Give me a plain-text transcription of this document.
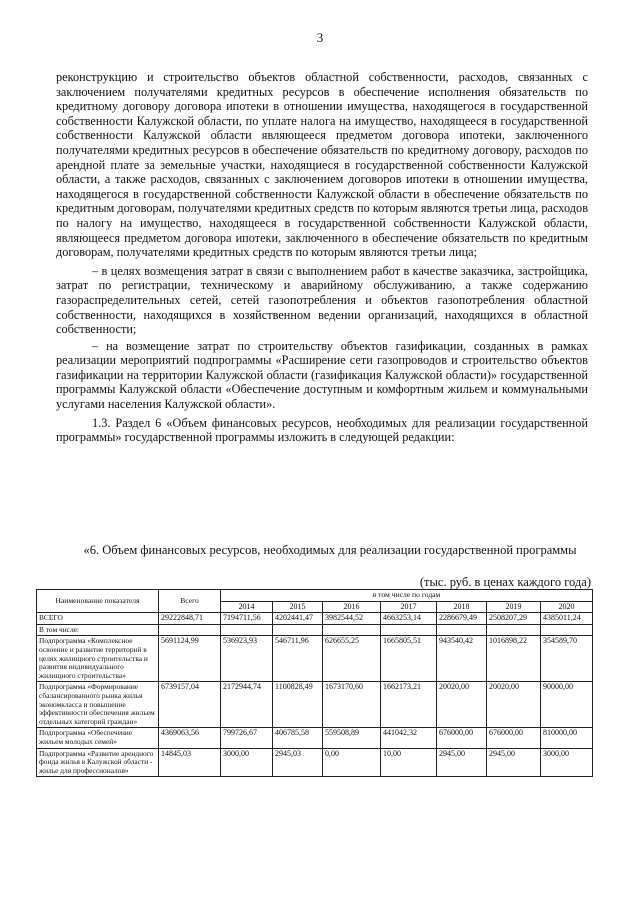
3

реконструкцию и строительство объектов областной собственности, расходов, связанных с заключением получателями кредитных ресурсов в обеспечение исполнения обязательств по кредитному договору договора ипотеки в отношении имущества, находящегося в государственной собственности Калужской области, по уплате налога на имущество, находящееся в государственной собственности Калужской области являющееся предметом договора ипотеки, заключенного получателями кредитных ресурсов в обеспечение обязательств по кредитному договору, расходов по арендной плате за земельные участки, находящиеся в государственной собственности Калужской области, а также расходов, связанных с заключением договоров ипотеки в отношении имущества, находящегося в государственной собственности Калужской области в обеспечение обязательств по кредитным договорам, получателями кредитных средств по которым являются третьи лица, расходов по налогу на имущество, находящееся в государственной собственности Калужской области, являющееся предметом договора ипотеки, заключенного в обеспечение обязательств по кредитным договорам, получателями кредитных средств по которым являются третьи лица;

– в целях возмещения затрат в связи с выполнением работ в качестве заказчика, застройщика, затрат по регистрации, техническому и аварийному обслуживанию, а также содержанию газораспределительных сетей, сетей газопотребления и объектов газопотребления областной собственности, находящихся в хозяйственном ведении организаций, находящихся в областной собственности;

– на возмещение затрат по строительству объектов газификации, созданных в рамках реализации мероприятий подпрограммы «Расширение сети газопроводов и строительство объектов газификации на территории Калужской области (газификация Калужской области)» государственной программы Калужской области «Обеспечение доступным и комфортным жильем и коммунальными услугами населения Калужской области».

1.3. Раздел 6 «Объем финансовых ресурсов, необходимых для реализации государственной программы» государственной программы изложить в следующей редакции:

«6. Объем финансовых ресурсов, необходимых для реализации государственной программы
(тыс. руб. в ценах каждого года)
Наименование показателя	Всего	в том числе по годам						
		2014	2015	2016	2017	2018	2019	2020
ВСЕГО	29222848,71	7194711,56	4202441,47	3982544,52	4663253,14	2286679,49	2508207,29	4385011,24
В том числе:								
Подпрограмма «Комплексное освоение и развитие территорий в целях жилищного строительства и развития индивидуального жилищного строительства»	5691124,99	536923,93	546711,96	626655,25	1665805,51	943540,42	1016898,22	354589,70
Подпрограмма «Формирование сбалансированного рынка жилья экономкласса и повышение эффективности обеспечения жильем отдельных категорий граждан»	6739157,04	2172944,74	1100828,49	1673170,60	1662173,21	20020,00	20020,00	90000,00
Подпрограмма «Обеспечение жильем молодых семей»	4369063,56	799726,67	406785,58	559508,89	441042,32	676000,00	676000,00	810000,00
Подпрограмма «Развитие арендного фонда жилья в Калужской области - жилье для профессионалов»	14845,03	3000,00	2945,03	0,00	10,00	2945,00	2945,00	3000,00
